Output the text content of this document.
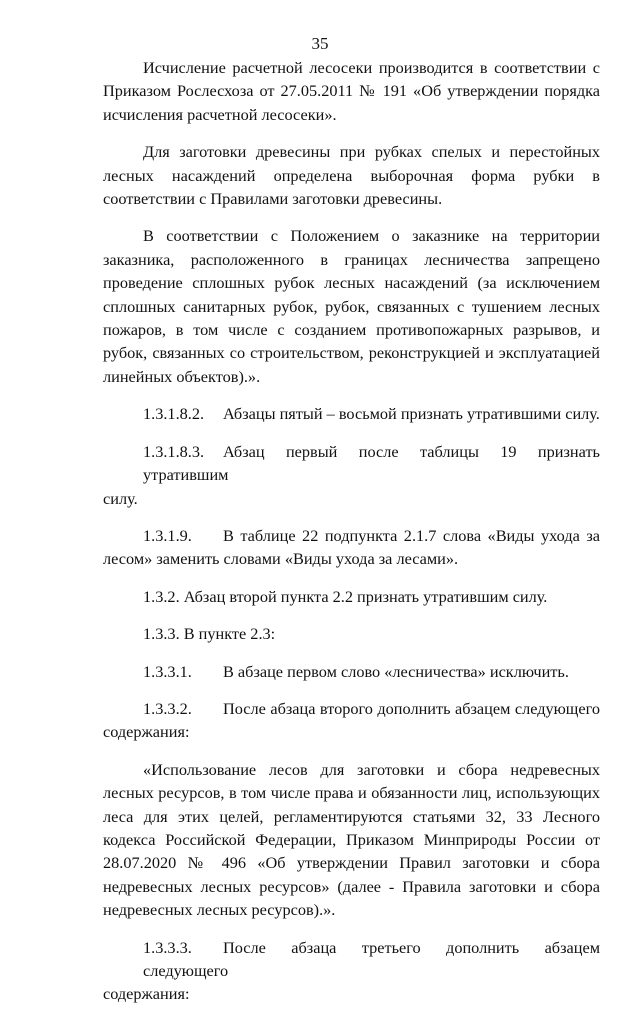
35

Исчисление расчетной лесосеки производится в соответствии с Приказом Рослесхоза от 27.05.2011 № 191 «Об утверждении порядка исчисления расчетной лесосеки».

Для заготовки древесины при рубках спелых и перестойных лесных насаждений определена выборочная форма рубки в соответствии с Правилами заготовки древесины.

В соответствии с Положением о заказнике на территории заказника, расположенного в границах лесничества запрещено проведение сплошных рубок лесных насаждений (за исключением сплошных санитарных рубок, рубок, связанных с тушением лесных пожаров, в том числе с созданием противопожарных разрывов, и рубок, связанных со строительством, реконструкцией и эксплуатацией линейных объектов).».

1.3.1.8.2. Абзацы пятый – восьмой признать утратившими силу.
1.3.1.8.3. Абзац первый после таблицы 19 признать утратившим
силу.
1.3.1.9. В таблице 22 подпункта 2.1.7 слова «Виды ухода за
лесом» заменить словами «Виды ухода за лесами».

1.3.2. Абзац второй пункта 2.2 признать утратившим силу.

1.3.3. В пункте 2.3:

1.3.3.1. В абзаце первом слово «лесничества» исключить.
1.3.3.2. После абзаца второго дополнить абзацем следующего
содержания:

«Использование лесов для заготовки и сбора недревесных лесных ресурсов, в том числе права и обязанности лиц, использующих леса для этих целей, регламентируются статьями 32, 33 Лесного кодекса Российской Федерации, Приказом Минприроды России от 28.07.2020 № 496 «Об утверждении Правил заготовки и сбора недревесных лесных ресурсов» (далее - Правила заготовки и сбора недревесных лесных ресурсов).».

1.3.3.3. После абзаца третьего дополнить абзацем следующего
содержания:
